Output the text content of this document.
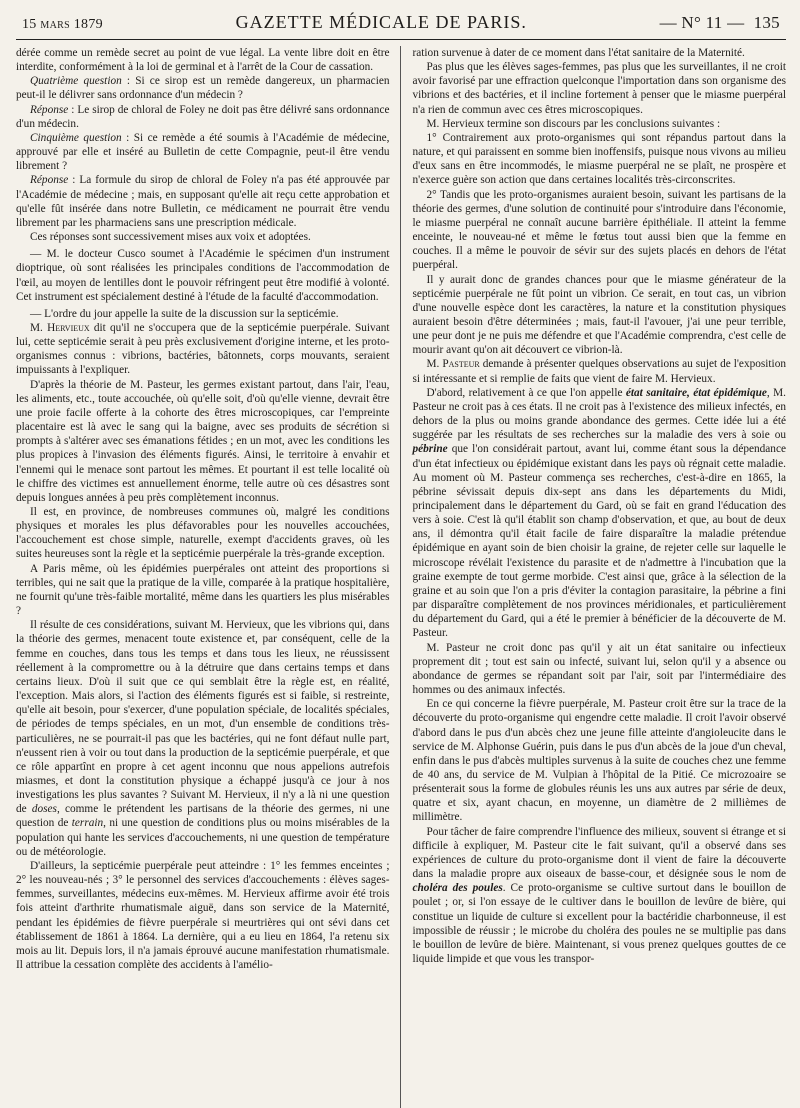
15 mars 1879	GAZETTE MÉDICALE DE PARIS.	— N° 11 — 135

dérée comme un remède secret au point de vue légal. La vente libre doit en être interdite, conformément à la loi de germinal et à l'arrêt de la Cour de cassation.

Quatrième question : Si ce sirop est un remède dangereux, un pharmacien peut-il le délivrer sans ordonnance d'un médecin ?

Réponse : Le sirop de chloral de Foley ne doit pas être délivré sans ordonnance d'un médecin.

Cinquième question : Si ce remède a été soumis à l'Académie de médecine, approuvé par elle et inséré au Bulletin de cette Compagnie, peut-il être vendu librement ?

Réponse : La formule du sirop de chloral de Foley n'a pas été approuvée par l'Académie de médecine ; mais, en supposant qu'elle ait reçu cette approbation et qu'elle fût insérée dans notre Bulletin, ce médicament ne pourrait être vendu librement par les pharmaciens sans une prescription médicale.

Ces réponses sont successivement mises aux voix et adoptées.

— M. le docteur Cusco soumet à l'Académie le spécimen d'un instrument dioptrique, où sont réalisées les principales conditions de l'accommodation de l'œil, au moyen de lentilles dont le pouvoir réfringent peut être modifié à volonté. Cet instrument est spécialement destiné à l'étude de la faculté d'accommodation.

— L'ordre du jour appelle la suite de la discussion sur la septicémie.

M. Hervieux dit qu'il ne s'occupera que de la septicémie puerpérale. Suivant lui, cette septicémie serait à peu près exclusivement d'origine interne, et les proto-organismes connus : vibrions, bactéries, bâtonnets, corps mouvants, seraient impuissants à l'expliquer.

D'après la théorie de M. Pasteur, les germes existant partout, dans l'air, l'eau, les aliments, etc., toute accouchée, où qu'elle soit, d'où qu'elle vienne, devrait être une proie facile offerte à la cohorte des êtres microscopiques, car l'empreinte placentaire est là avec le sang qui la baigne, avec ses produits de sécrétion si prompts à s'altérer avec ses émanations fétides ; en un mot, avec les conditions les plus propices à l'invasion des éléments figurés. Ainsi, le territoire à envahir et l'ennemi qui le menace sont partout les mêmes. Et pourtant il est telle localité où le chiffre des victimes est annuellement énorme, telle autre où ces désastres sont depuis longues années à peu près complètement inconnus.

Il est, en province, de nombreuses communes où, malgré les conditions physiques et morales les plus défavorables pour les nouvelles accouchées, l'accouchement est chose simple, naturelle, exempt d'accidents graves, où les suites heureuses sont la règle et la septicémie puerpérale la très-grande exception.

A Paris même, où les épidémies puerpérales ont atteint des proportions si terribles, qui ne sait que la pratique de la ville, comparée à la pratique hospitalière, ne fournit qu'une très-faible mortalité, même dans les quartiers les plus misérables ?

Il résulte de ces considérations, suivant M. Hervieux, que les vibrions qui, dans la théorie des germes, menacent toute existence et, par conséquent, celle de la femme en couches, dans tous les temps et dans tous les lieux, ne réussissent réellement à la compromettre ou à la détruire que dans certains temps et dans certains lieux. D'où il suit que ce qui semblait être la règle est, en réalité, l'exception. Mais alors, si l'action des éléments figurés est si faible, si restreinte, qu'elle ait besoin, pour s'exercer, d'une population spéciale, de localités spéciales, de périodes de temps spéciales, en un mot, d'un ensemble de conditions très-particulières, ne se pourrait-il pas que les bactéries, qui ne font défaut nulle part, n'eussent rien à voir ou tout dans la production de la septicémie puerpérale, et que ce rôle appartînt en propre à cet agent inconnu que nous appelions autrefois miasmes, et dont la constitution physique a échappé jusqu'à ce jour à nos investigations les plus savantes ? Suivant M. Hervieux, il n'y a là ni une question de doses, comme le prétendent les partisans de la théorie des germes, ni une question de terrain, ni une question de conditions plus ou moins misérables de la population qui hante les services d'accouchements, ni une question de température ou de météorologie.

D'ailleurs, la septicémie puerpérale peut atteindre : 1° les femmes enceintes ; 2° les nouveau-nés ; 3° le personnel des services d'accouchements : élèves sages-femmes, surveillantes, médecins eux-mêmes. M. Hervieux affirme avoir été trois fois atteint d'arthrite rhumatismale aiguë, dans son service de la Maternité, pendant les épidémies de fièvre puerpérale si meurtrières qui ont sévi dans cet établissement de 1861 à 1864. La dernière, qui a eu lieu en 1864, l'a retenu six mois au lit. Depuis lors, il n'a jamais éprouvé aucune manifestation rhumatismale. Il attribue la cessation complète des accidents à l'amélio-

ration survenue à dater de ce moment dans l'état sanitaire de la Maternité.

Pas plus que les élèves sages-femmes, pas plus que les surveillantes, il ne croit avoir favorisé par une effraction quelconque l'importation dans son organisme des vibrions et des bactéries, et il incline fortement à penser que le miasme puerpéral n'a rien de commun avec ces êtres microscopiques.

M. Hervieux termine son discours par les conclusions suivantes :

1° Contrairement aux proto-organismes qui sont répandus partout dans la nature, et qui paraissent en somme bien inoffensifs, puisque nous vivons au milieu d'eux sans en être incommodés, le miasme puerpéral ne se plaît, ne prospère et n'exerce guère son action que dans certaines localités très-circonscrites.

2° Tandis que les proto-organismes auraient besoin, suivant les partisans de la théorie des germes, d'une solution de continuité pour s'introduire dans l'économie, le miasme puerpéral ne connaît aucune barrière épithéliale. Il atteint la femme enceinte, le nouveau-né et même le fœtus tout aussi bien que la femme en couches. Il a même le pouvoir de sévir sur des sujets placés en dehors de l'état puerpéral.

Il y aurait donc de grandes chances pour que le miasme générateur de la septicémie puerpérale ne fût point un vibrion. Ce serait, en tout cas, un vibrion d'une nouvelle espèce dont les caractères, la nature et la constitution physiques auraient besoin d'être déterminées ; mais, faut-il l'avouer, j'ai une peur terrible, une peur dont je ne puis me défendre et que l'Académie comprendra, c'est celle de mourir avant qu'on ait découvert ce vibrion-là.

M. Pasteur demande à présenter quelques observations au sujet de l'exposition si intéressante et si remplie de faits que vient de faire M. Hervieux.

D'abord, relativement à ce que l'on appelle état sanitaire, état épidémique, M. Pasteur ne croit pas à ces états. Il ne croit pas à l'existence des milieux infectés, en dehors de la plus ou moins grande abondance des germes. Cette idée lui a été suggérée par les résultats de ses recherches sur la maladie des vers à soie ou pébrine que l'on considérait partout, avant lui, comme étant sous la dépendance d'un état infectieux ou épidémique existant dans les pays où régnait cette maladie. Au moment où M. Pasteur commença ses recherches, c'est-à-dire en 1865, la pébrine sévissait depuis dix-sept ans dans les départements du Midi, principalement dans le département du Gard, où se fait en grand l'éducation des vers à soie. C'est là qu'il établit son champ d'observation, et que, au bout de deux ans, il démontra qu'il était facile de faire disparaître la maladie prétendue épidémique en ayant soin de bien choisir la graine, de rejeter celle sur laquelle le microscope révélait l'existence du parasite et de n'admettre à l'incubation que la graine exempte de tout germe morbide. C'est ainsi que, grâce à la sélection de la graine et au soin que l'on a pris d'éviter la contagion parasitaire, la pébrine a fini par disparaître complètement de nos provinces méridionales, et particulièrement du département du Gard, qui a été le premier à bénéficier de la découverte de M. Pasteur.

M. Pasteur ne croit donc pas qu'il y ait un état sanitaire ou infectieux proprement dit ; tout est sain ou infecté, suivant lui, selon qu'il y a absence ou abondance de germes se répandant soit par l'air, soit par l'intermédiaire des hommes ou des animaux infectés.

En ce qui concerne la fièvre puerpérale, M. Pasteur croit être sur la trace de la découverte du proto-organisme qui engendre cette maladie. Il croit l'avoir observé d'abord dans le pus d'un abcès chez une jeune fille atteinte d'angioleucite dans le service de M. Alphonse Guérin, puis dans le pus d'un abcès de la joue d'un cheval, enfin dans le pus d'abcès multiples survenus à la suite de couches chez une femme de 40 ans, du service de M. Vulpian à l'hôpital de la Pitié. Ce microzoaire se présenterait sous la forme de globules réunis les uns aux autres par série de deux, quatre et six, ayant chacun, en moyenne, un diamètre de 2 millièmes de millimètre.

Pour tâcher de faire comprendre l'influence des milieux, souvent si étrange et si difficile à expliquer, M. Pasteur cite le fait suivant, qu'il a observé dans ses expériences de culture du proto-organisme dont il vient de faire la découverte dans la maladie propre aux oiseaux de basse-cour, et désignée sous le nom de choléra des poules. Ce proto-organisme se cultive surtout dans le bouillon de poulet ; or, si l'on essaye de le cultiver dans le bouillon de levûre de bière, qui constitue un liquide de culture si excellent pour la bactéridie charbonneuse, il est impossible de réussir ; le microbe du choléra des poules ne se multiplie pas dans le bouillon de levûre de bière. Maintenant, si vous prenez quelques gouttes de ce liquide limpide et que vous les transpor-
